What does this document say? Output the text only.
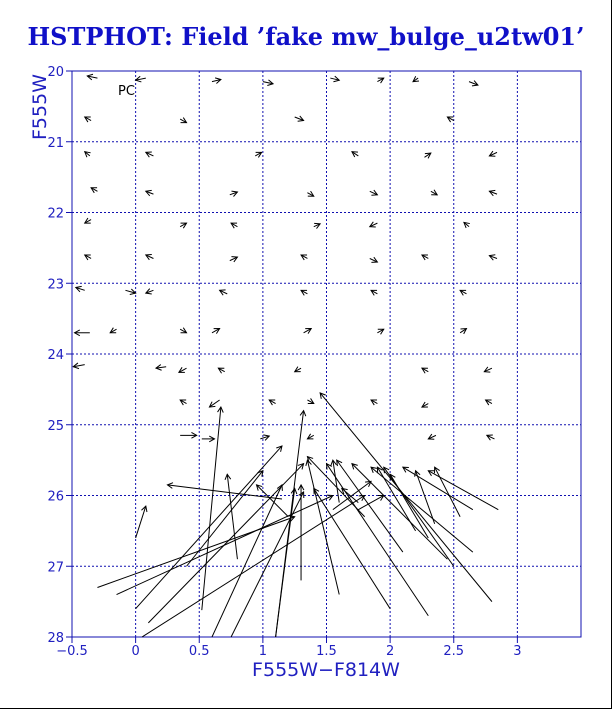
HSTPHOT: Field ’fake mw_bulge_u2tw01’
−0.5	0	0.5	1	1.5	2	2.5	3
20
21
22
23
24
25
26
27
28
PC
F555W−F814W
F555W
